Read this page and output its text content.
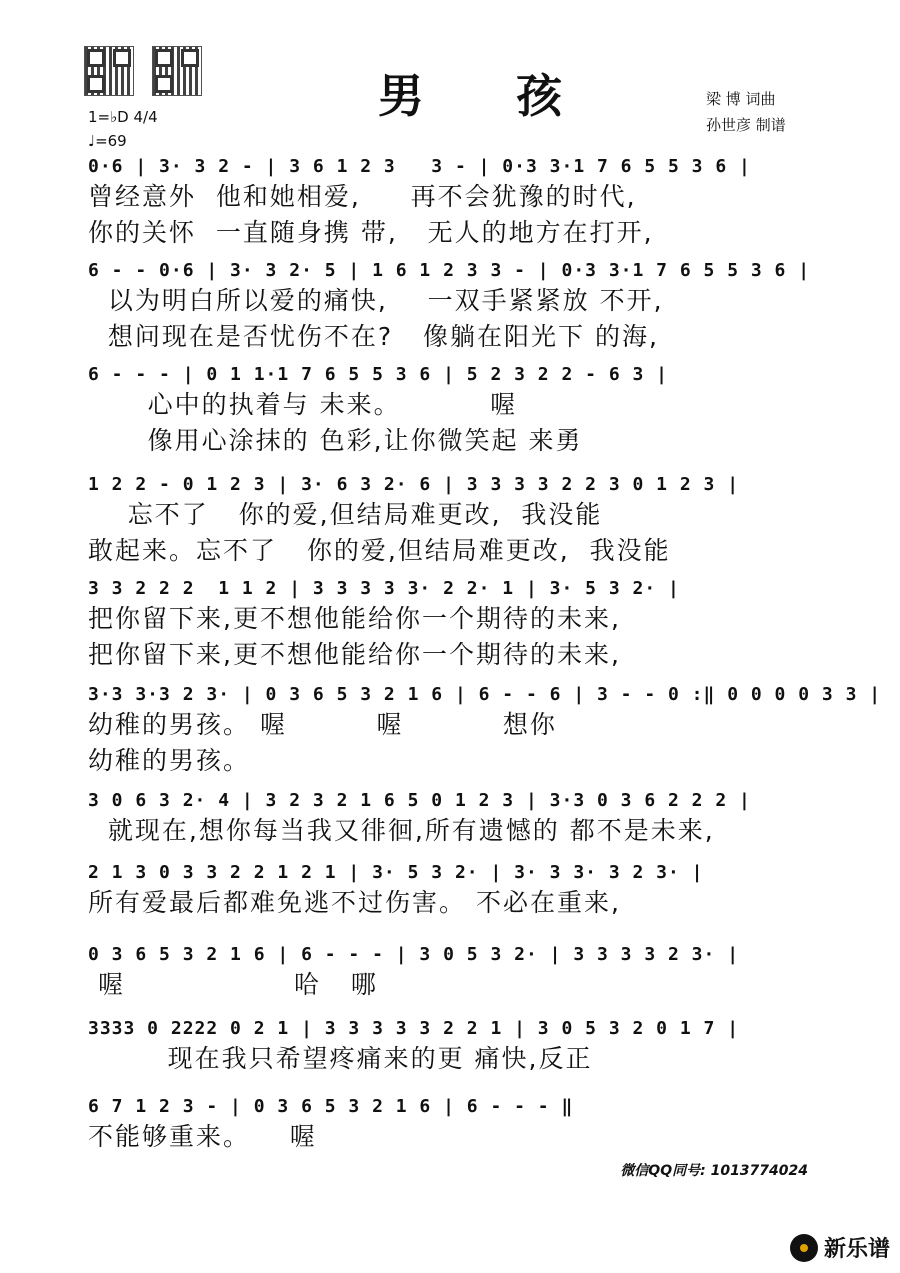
男 孩
1=♭D 4/4
♩=69
梁 博 词曲
孙世彦 制谱
0·6 | 3· 3 2 - | 3 6 1 2 3   3 - | 0·3 3·1 7 6 5 5 3 6 |
曾经意外  他和她相爱,     再不会犹豫的时代,
你的关怀  一直随身携 带,   无人的地方在打开,
6 - - 0·6 | 3· 3 2· 5 | 1 6 1 2 3 3 - | 0·3 3·1 7 6 5 5 3 6 |
以为明白所以爱的痛快,    一双手紧紧放 不开,
想问现在是否忧伤不在?   像躺在阳光下 的海,
6 - - - | 0 1 1·1 7 6 5 5 3 6 | 5 2 3 2 2 - 6 3 |
心中的执着与 未来。         喔
像用心涂抹的 色彩,让你微笑起 来勇
1 2 2 - 0 1 2 3 | 3· 6 3 2· 6 | 3 3 3 3 2 2 3 0 1 2 3 |
忘不了   你的爱,但结局难更改,  我没能
敢起来。忘不了   你的爱,但结局难更改,  我没能
3 3 2 2 2  1 1 2 | 3 3 3 3 3· 2 2· 1 | 3· 5 3 2· |
把你留下来,更不想他能给你一个期待的未来,
把你留下来,更不想他能给你一个期待的未来,
3·3 3·3 2 3· | 0 3 6 5 3 2 1 6 | 6 - - 6 | 3 - - 0 :‖ 0 0 0 0 3 3 |
幼稚的男孩。 喔         喔          想你
幼稚的男孩。
3 0 6 3 2· 4 | 3 2 3 2 1 6 5 0 1 2 3 | 3·3 0 3 6 2 2 2 |
就现在,想你每当我又徘徊,所有遗憾的 都不是未来,
2 1 3 0 3 3 2 2 1 2 1 | 3· 5 3 2· | 3· 3 3· 3 2 3· |
所有爱最后都难免逃不过伤害。 不必在重来,
0 3 6 5 3 2 1 6 | 6 - - - | 3 0 5 3 2· | 3 3 3 3 2 3· |
喔                 哈   哪
3333 0 2222 0 2 1 | 3 3 3 3 3 2 2 1 | 3 0 5 3 2 0 1 7 |
现在我只希望疼痛来的更 痛快,反正
6 7 1 2 3 - | 0 3 6 5 3 2 1 6 | 6 - - - ‖
不能够重来。    喔
微信QQ同号: 1013774024
新乐谱
